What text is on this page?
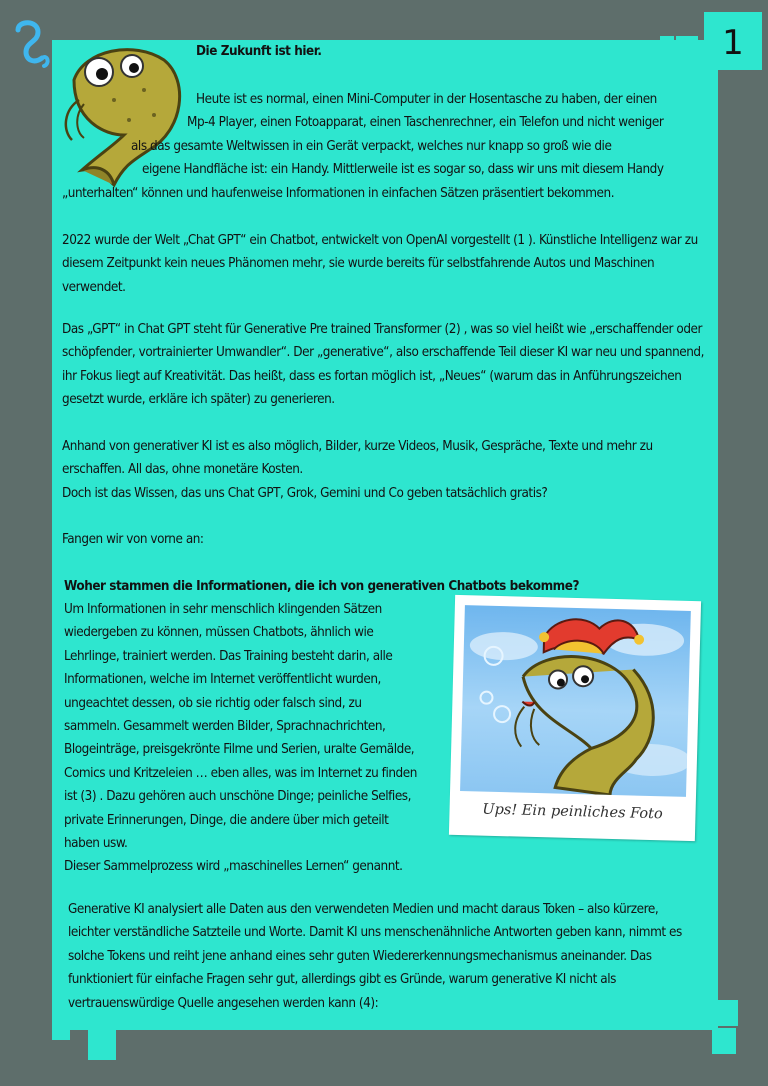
1
Die Zukunft ist hier.
Heute ist es normal, einen Mini-Computer in der Hosentasche zu haben, der einen
Mp-4 Player, einen Fotoapparat, einen Taschenrechner, ein Telefon und nicht weniger
als das gesamte Weltwissen in ein Gerät verpackt, welches nur knapp so groß wie die
eigene Handfläche ist: ein Handy. Mittlerweile ist es sogar so, dass wir uns mit diesem Handy
„unterhalten“ können und haufenweise Informationen in einfachen Sätzen präsentiert bekommen.
2022 wurde der Welt „Chat GPT“ ein Chatbot, entwickelt von OpenAI vorgestellt (1 ). Künstliche Intelligenz war zu diesem Zeitpunkt kein neues Phänomen mehr, sie wurde bereits für selbstfahrende Autos und Maschinen verwendet.
Das „GPT“ in Chat GPT steht für Generative Pre trained Transformer (2) , was so viel heißt wie „erschaffender oder schöpfender, vortrainierter Umwandler“. Der „generative“, also erschaffende Teil dieser KI war neu und spannend, ihr Fokus liegt auf Kreativität. Das heißt, dass es fortan möglich ist, „Neues“ (warum das in Anführungszeichen gesetzt wurde, erkläre ich später) zu generieren.
Anhand von generativer KI ist es also möglich, Bilder, kurze Videos, Musik, Gespräche, Texte und mehr zu erschaffen. All das, ohne monetäre Kosten.
Doch ist das Wissen, das uns Chat GPT, Grok, Gemini und Co geben tatsächlich gratis?
Fangen wir von vorne an:
Woher stammen die Informationen, die ich von generativen Chatbots bekomme?
Um Informationen in sehr menschlich klingenden Sätzen
wiedergeben zu können, müssen Chatbots, ähnlich wie
Lehrlinge, trainiert werden. Das Training besteht darin, alle
Informationen, welche im Internet veröffentlicht wurden,
ungeachtet dessen, ob sie richtig oder falsch sind, zu
sammeln. Gesammelt werden Bilder, Sprachnachrichten,
Blogeinträge, preisgekrönte Filme und Serien, uralte Gemälde,
Comics und Kritzeleien … eben alles, was im Internet zu finden
ist (3) . Dazu gehören auch unschöne Dinge; peinliche Selfies,
private Erinnerungen, Dinge, die andere über mich geteilt
haben usw.
Dieser Sammelprozess wird „maschinelles Lernen“ genannt.
Ups! Ein peinliches Foto
Generative KI analysiert alle Daten aus den verwendeten Medien und macht daraus Token – also kürzere, leichter verständliche Satzteile und Worte. Damit KI uns menschenähnliche Antworten geben kann, nimmt es solche Tokens und reiht jene anhand eines sehr guten Wiedererkennungsmechanismus aneinander. Das funktioniert für einfache Fragen sehr gut, allerdings gibt es Gründe, warum generative KI nicht als vertrauenswürdige Quelle angesehen werden kann (4):
